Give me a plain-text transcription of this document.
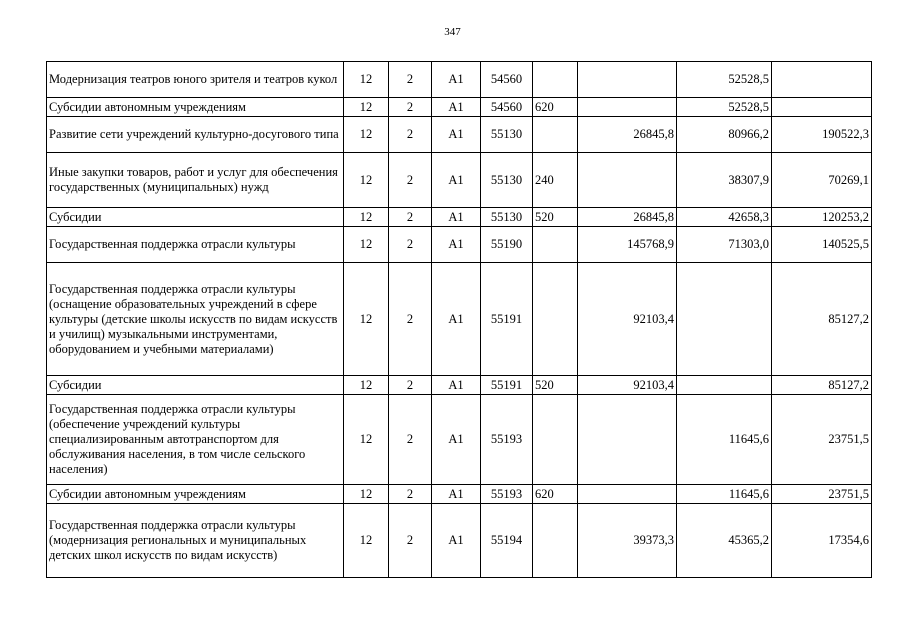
347
Модернизация театров юного зрителя и театров кукол	12	2	A1	54560			52528,5	
Субсидии автономным учреждениям	12	2	A1	54560	620		52528,5	
Развитие сети учреждений культурно-досугового типа	12	2	A1	55130		26845,8	80966,2	190522,3
Иные закупки товаров, работ и услуг для обеспечения государственных (муниципальных) нужд	12	2	A1	55130	240		38307,9	70269,1
Субсидии	12	2	A1	55130	520	26845,8	42658,3	120253,2
Государственная поддержка отрасли культуры	12	2	A1	55190		145768,9	71303,0	140525,5
Государственная поддержка отрасли культуры (оснащение образовательных учреждений в сфере культуры (детские школы искусств по видам искусств и училищ) музыкальными инструментами, оборудованием и учебными материалами)	12	2	A1	55191		92103,4		85127,2
Субсидии	12	2	A1	55191	520	92103,4		85127,2
Государственная поддержка отрасли культуры (обеспечение учреждений культуры специализированным автотранспортом для обслуживания населения, в том числе сельского населения)	12	2	A1	55193			11645,6	23751,5
Субсидии автономным учреждениям	12	2	A1	55193	620		11645,6	23751,5
Государственная поддержка отрасли культуры (модернизация региональных и муниципальных детских школ искусств по видам искусств)	12	2	A1	55194		39373,3	45365,2	17354,6
